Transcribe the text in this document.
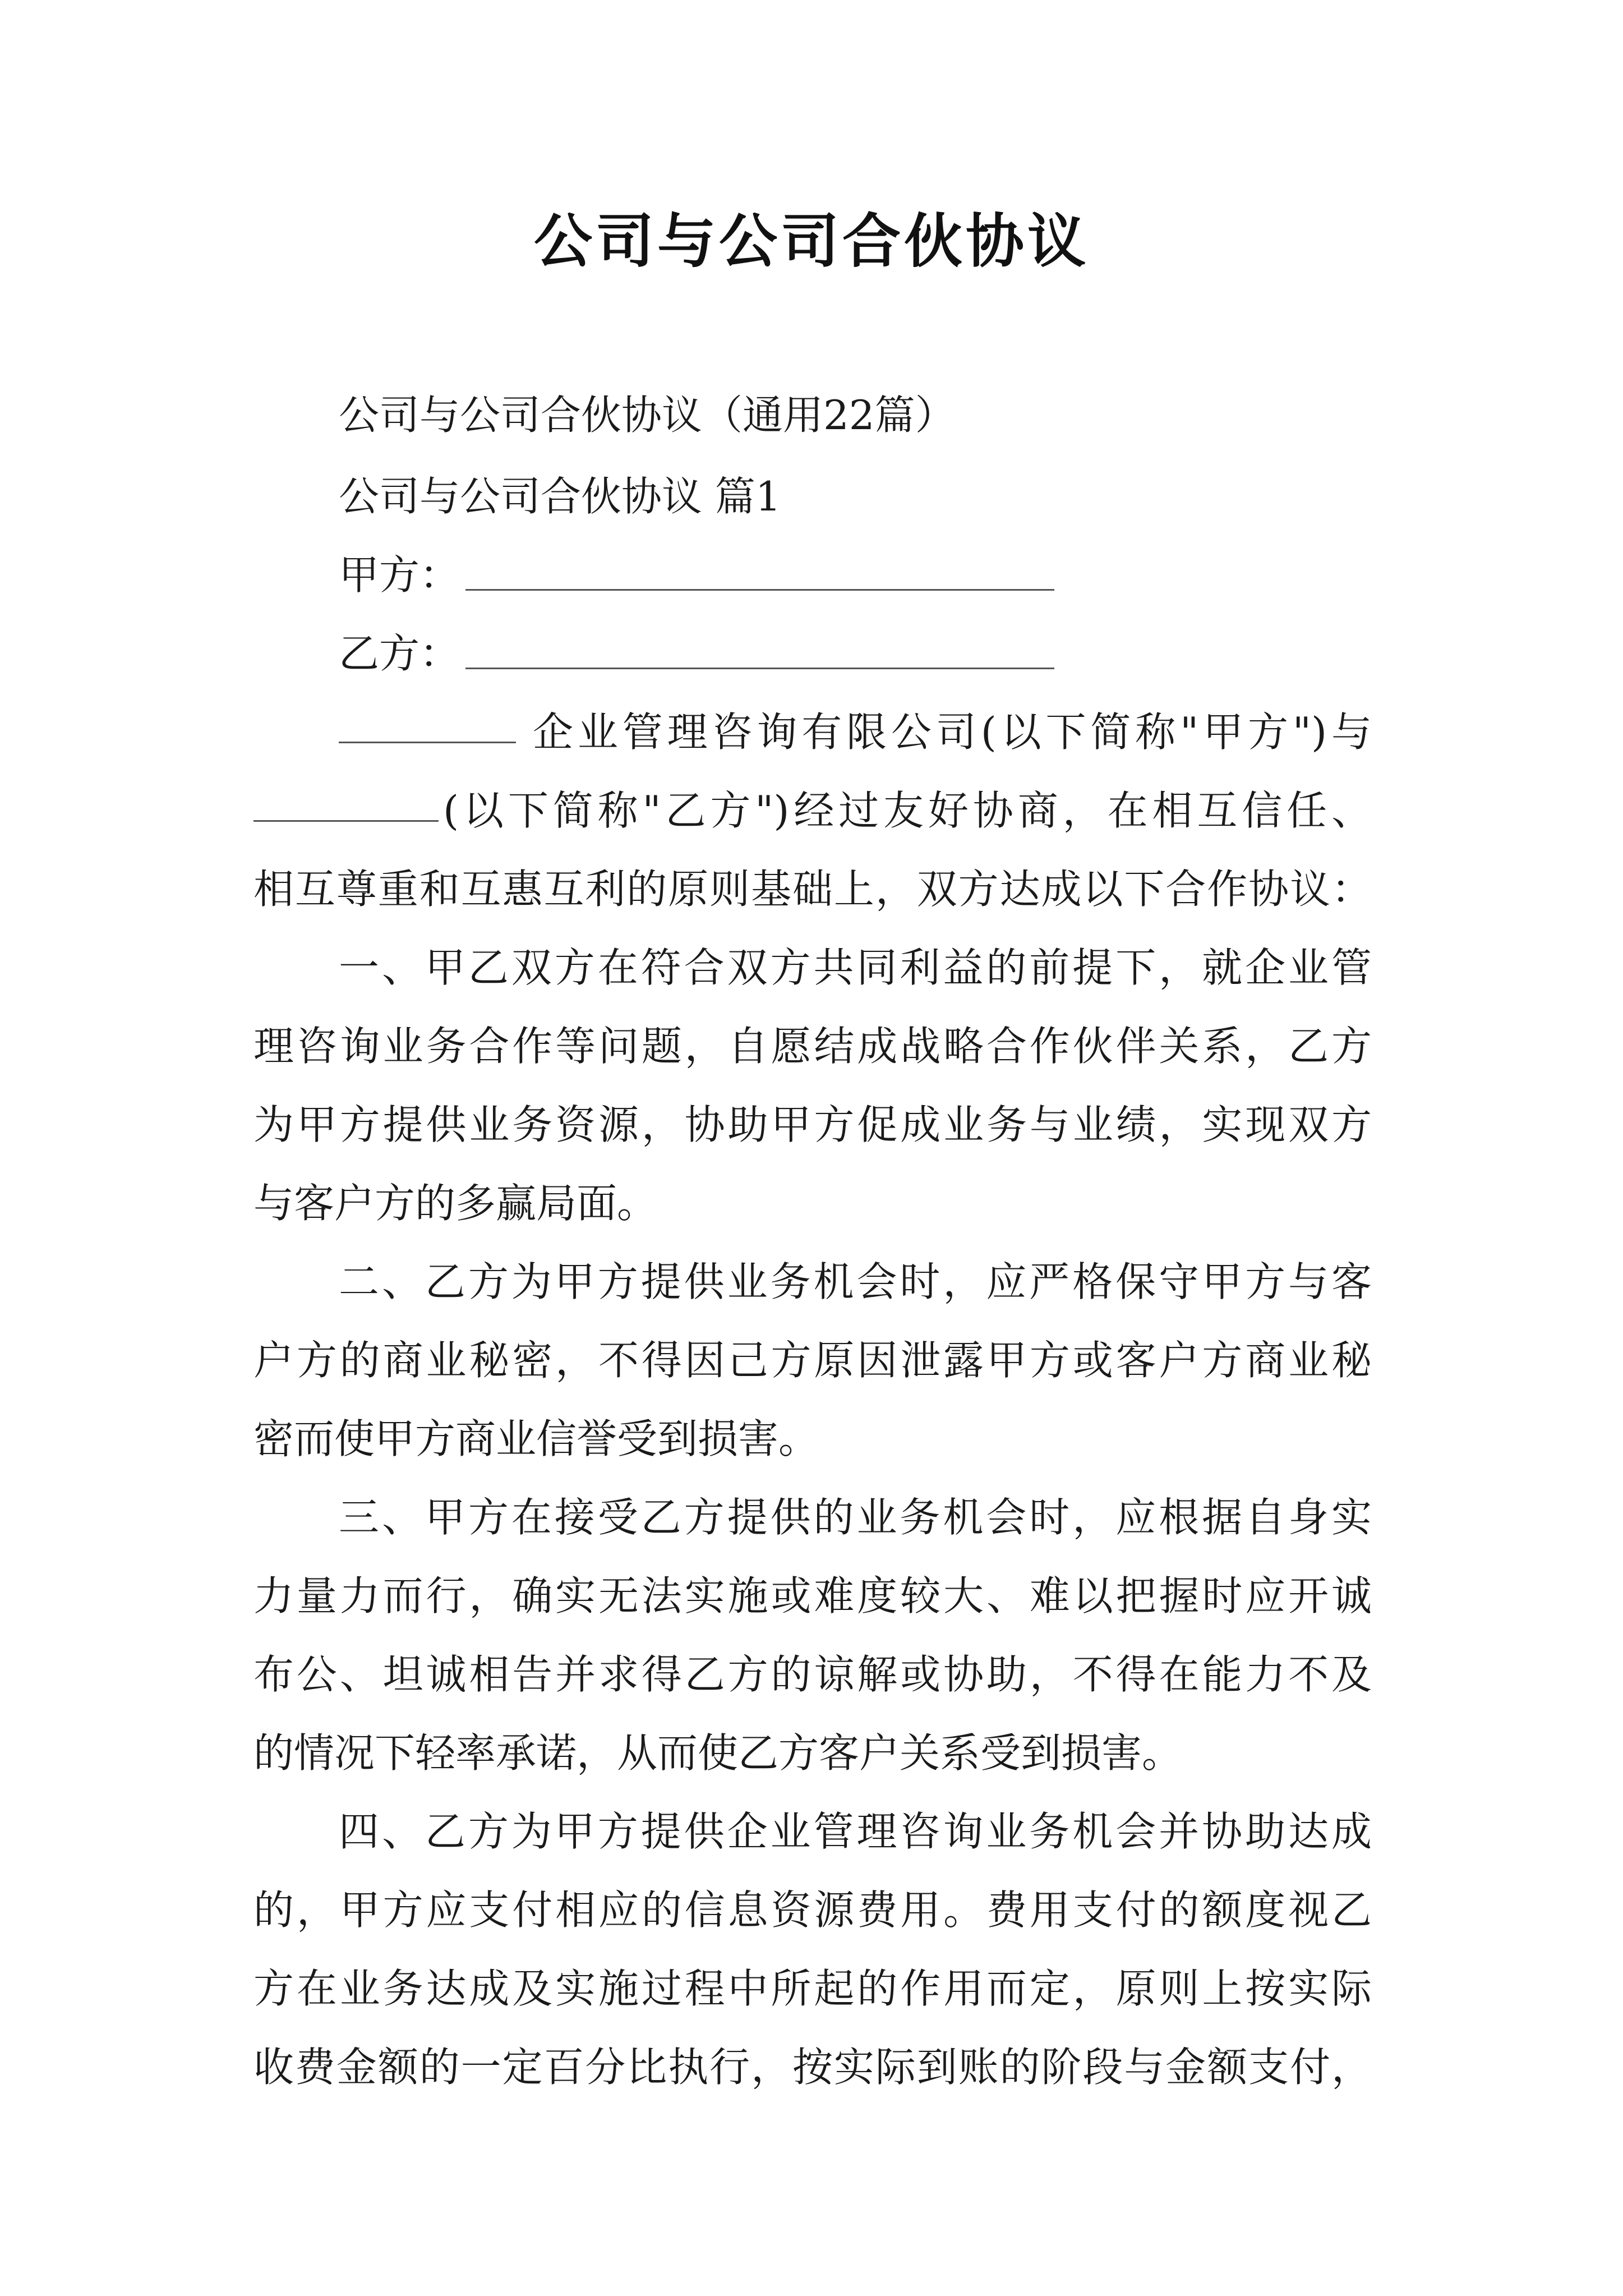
公司与公司合伙协议
公司与公司合伙协议（通用22篇）
公司与公司合伙协议 篇1
甲方：
乙方：
企业管理咨询有限公司(以下简称"甲方")与
(以下简称"乙方")经过友好协商，在相互信任、
相互尊重和互惠互利的原则基础上，双方达成以下合作协议：
一、甲乙双方在符合双方共同利益的前提下，就企业管
理咨询业务合作等问题，自愿结成战略合作伙伴关系，乙方
为甲方提供业务资源，协助甲方促成业务与业绩，实现双方
与客户方的多赢局面。
二、乙方为甲方提供业务机会时，应严格保守甲方与客
户方的商业秘密，不得因己方原因泄露甲方或客户方商业秘
密而使甲方商业信誉受到损害。
三、甲方在接受乙方提供的业务机会时，应根据自身实
力量力而行，确实无法实施或难度较大、难以把握时应开诚
布公、坦诚相告并求得乙方的谅解或协助，不得在能力不及
的情况下轻率承诺，从而使乙方客户关系受到损害。
四、乙方为甲方提供企业管理咨询业务机会并协助达成
的，甲方应支付相应的信息资源费用。费用支付的额度视乙
方在业务达成及实施过程中所起的作用而定，原则上按实际
收费金额的一定百分比执行，按实际到账的阶段与金额支付，
